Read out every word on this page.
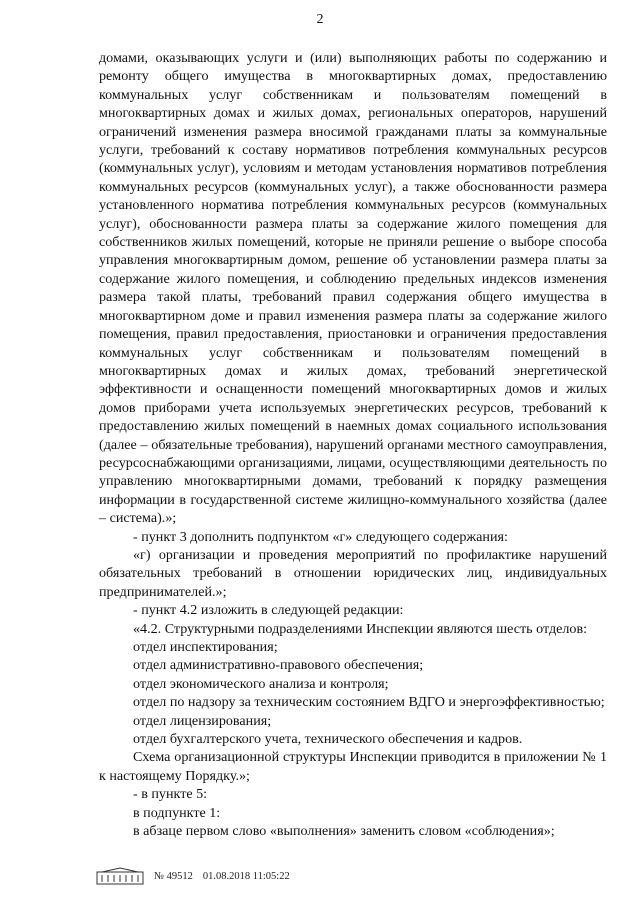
2

домами, оказывающих услуги и (или) выполняющих работы по содержанию и ремонту общего имущества в многоквартирных домах, предоставлению коммунальных услуг собственникам и пользователям помещений в многоквартирных домах и жилых домах, региональных операторов, нарушений ограничений изменения размера вносимой гражданами платы за коммунальные услуги, требований к составу нормативов потребления коммунальных ресурсов (коммунальных услуг), условиям и методам установления нормативов потребления коммунальных ресурсов (коммунальных услуг), а также обоснованности размера установленного норматива потребления коммунальных ресурсов (коммунальных услуг), обоснованности размера платы за содержание жилого помещения для собственников жилых помещений, которые не приняли решение о выборе способа управления многоквартирным домом, решение об установлении размера платы за содержание жилого помещения, и соблюдению предельных индексов изменения размера такой платы, требований правил содержания общего имущества в многоквартирном доме и правил изменения размера платы за содержание жилого помещения, правил предоставления, приостановки и ограничения предоставления коммунальных услуг собственникам и пользователям помещений в многоквартирных домах и жилых домах, требований энергетической эффективности и оснащенности помещений многоквартирных домов и жилых домов приборами учета используемых энергетических ресурсов, требований к предоставлению жилых помещений в наемных домах социального использования (далее – обязательные требования), нарушений органами местного самоуправления, ресурсоснабжающими организациями, лицами, осуществляющими деятельность по управлению многоквартирными домами, требований к порядку размещения информации в государственной системе жилищно-коммунального хозяйства (далее – система).»;

- пункт 3 дополнить подпунктом «г» следующего содержания:

«г) организации и проведения мероприятий по профилактике нарушений обязательных требований в отношении юридических лиц, индивидуальных предпринимателей.»;

- пункт 4.2 изложить в следующей редакции:

«4.2. Структурными подразделениями Инспекции являются шесть отделов:

отдел инспектирования;

отдел административно-правового обеспечения;

отдел экономического анализа и контроля;

отдел по надзору за техническим состоянием ВДГО и энергоэффективностью;

отдел лицензирования;

отдел бухгалтерского учета, технического обеспечения и кадров.

Схема организационной структуры Инспекции приводится в приложении № 1 к настоящему Порядку.»;

- в пункте 5:

в подпункте 1:

в абзаце первом слово «выполнения» заменить словом «соблюдения»;

№ 49512 01.08.2018 11:05:22
